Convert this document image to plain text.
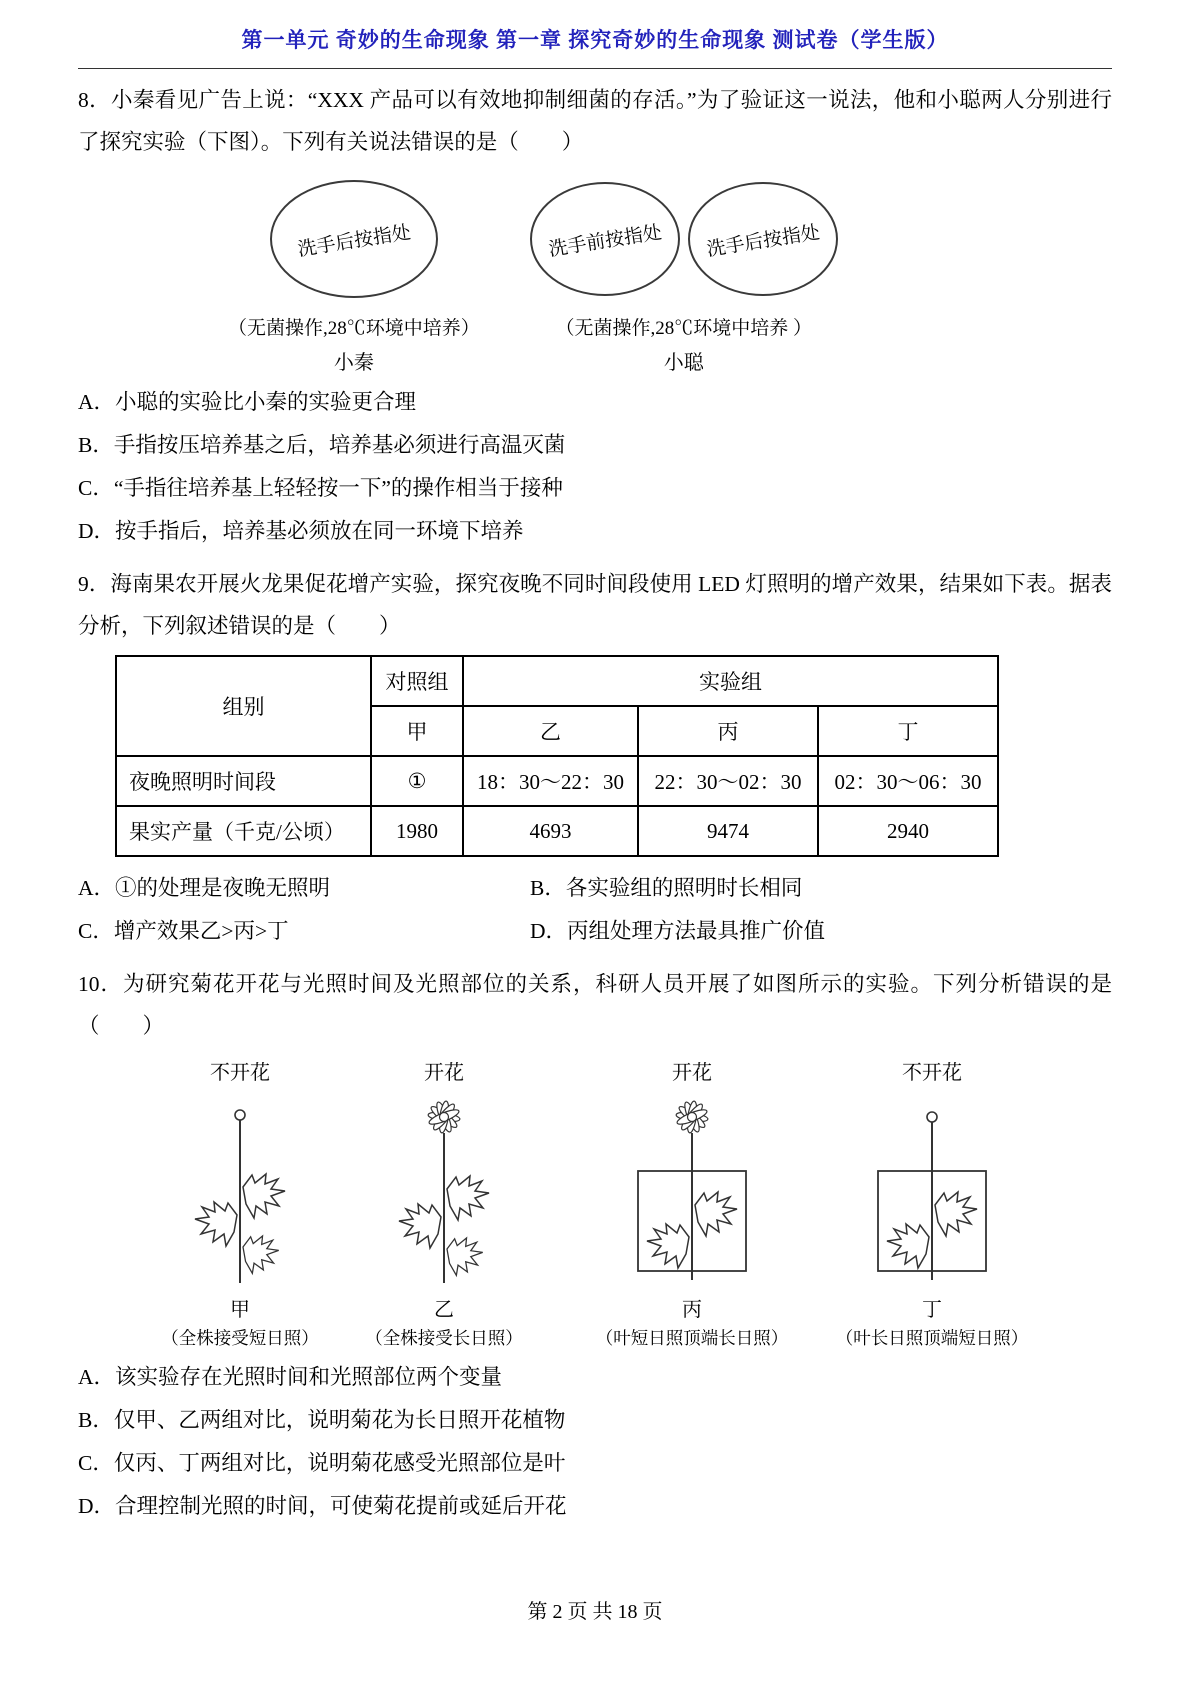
第一单元 奇妙的生命现象 第一章 探究奇妙的生命现象 测试卷（学生版）

8．小秦看见广告上说：“XXX 产品可以有效地抑制细菌的存活。”为了验证这一说法，他和小聪两人分别进行了探究实验（下图）。下列有关说法错误的是（　　）

洗手后按指处
（无菌操作,28℃环境中培养）
小秦
洗手前按指处 洗手后按指处
（无菌操作,28℃环境中培养 ）
小聪
A．小聪的实验比小秦的实验更合理
B．手指按压培养基之后，培养基必须进行高温灭菌
C．“手指往培养基上轻轻按一下”的操作相当于接种
D．按手指后，培养基必须放在同一环境下培养

9．海南果农开展火龙果促花增产实验，探究夜晚不同时间段使用 LED 灯照明的增产效果，结果如下表。据表分析，下列叙述错误的是（　　）

组别	对照组	实验组		
	甲	乙	丙	丁
夜晚照明时间段	①	18：30〜22：30	22：30〜02：30	02：30〜06：30
果实产量（千克/公顷）	1980	4693	9474	2940
A．①的处理是夜晚无照明	B．各实验组的照明时长相同
C．增产效果乙>丙>丁	D．丙组处理方法最具推广价值

10．为研究菊花开花与光照时间及光照部位的关系，科研人员开展了如图所示的实验。下列分析错误的是（　　）

不开花
甲
（全株接受短日照）
开花
乙
（全株接受长日照）
开花
丙
（叶短日照顶端长日照）
不开花
丁
（叶长日照顶端短日照）
A．该实验存在光照时间和光照部位两个变量
B．仅甲、乙两组对比，说明菊花为长日照开花植物
C．仅丙、丁两组对比，说明菊花感受光照部位是叶
D．合理控制光照的时间，可使菊花提前或延后开花
第 2 页 共 18 页
